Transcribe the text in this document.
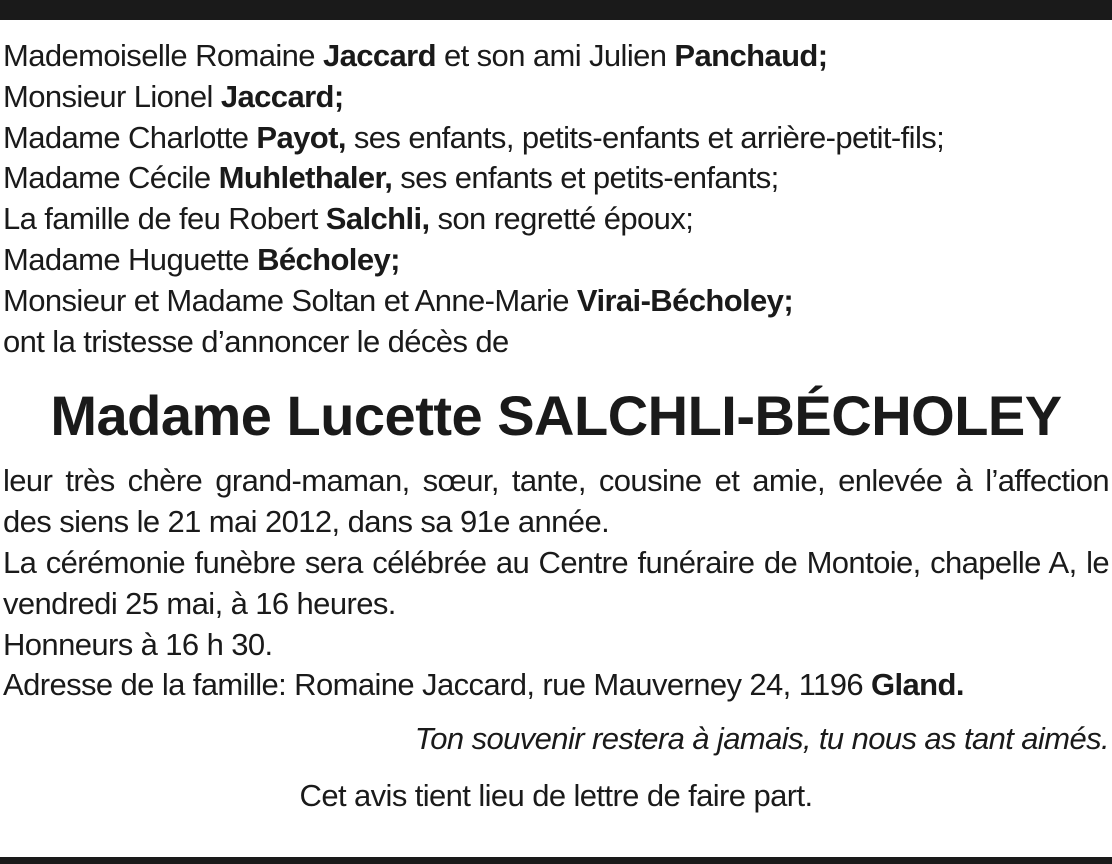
Mademoiselle Romaine Jaccard et son ami Julien Panchaud;
Monsieur Lionel Jaccard;
Madame Charlotte Payot, ses enfants, petits-enfants et arrière-petit-fils;
Madame Cécile Muhlethaler, ses enfants et petits-enfants;
La famille de feu Robert Salchli, son regretté époux;
Madame Huguette Bécholey;
Monsieur et Madame Soltan et Anne-Marie Virai-Bécholey;
ont la tristesse d’annoncer le décès de
Madame Lucette SALCHLI-BÉCHOLEY
leur très chère grand-maman, sœur, tante, cousine et amie, enlevée à l’affection des siens le 21 mai 2012, dans sa 91e année.
La cérémonie funèbre sera célébrée au Centre funéraire de Montoie, chapelle A, le vendredi 25 mai, à 16 heures.
Honneurs à 16 h 30.
Adresse de la famille: Romaine Jaccard, rue Mauverney 24, 1196 Gland.
Ton souvenir restera à jamais, tu nous as tant aimés.
Cet avis tient lieu de lettre de faire part.
